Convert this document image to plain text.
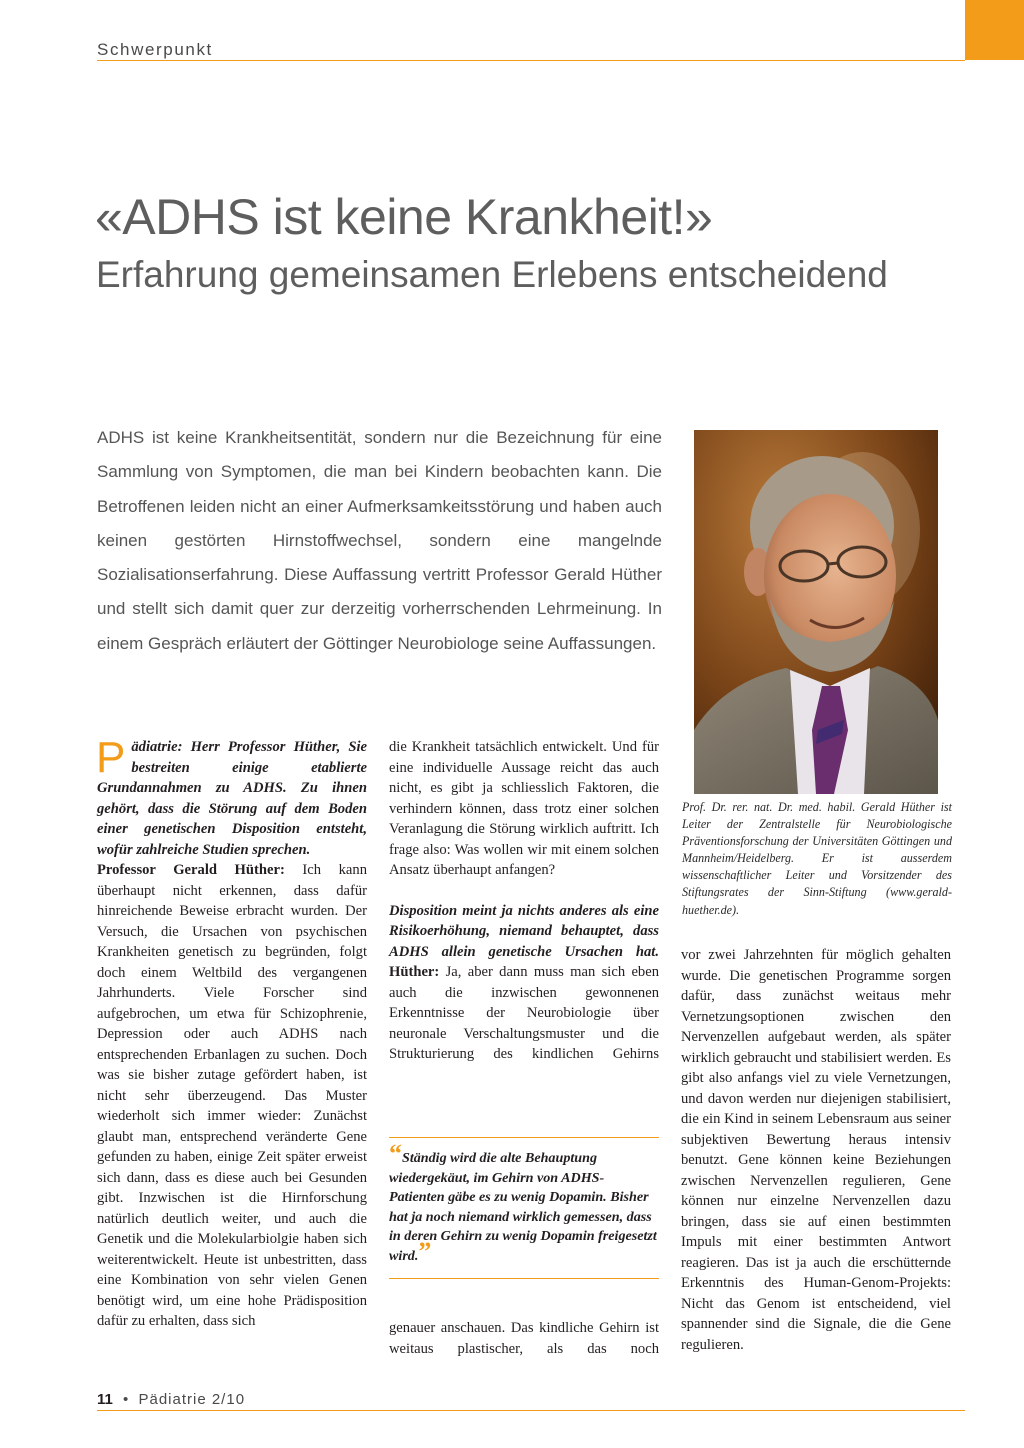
Schwerpunkt
«ADHS ist keine Krankheit!»
Erfahrung gemeinsamen Erlebens entscheidend

ADHS ist keine Krankheitsentität, sondern nur die Bezeichnung für eine Sammlung von Symptomen, die man bei Kindern beobachten kann. Die Betroffenen leiden nicht an einer Aufmerksamkeitsstörung und haben auch keinen gestörten Hirnstoffwechsel, sondern eine mangelnde Sozialisationserfahrung. Diese Auffassung vertritt Professor Gerald Hüther und stellt sich damit quer zur derzeitig vorherrschenden Lehrmeinung. In einem Gespräch erläutert der Göttinger Neurobiologe seine Auffassungen.

Prof. Dr. rer. nat. Dr. med. habil. Gerald Hüther ist Leiter der Zentralstelle für Neurobiologische Präventionsforschung der Universitäten Göttingen und Mannheim/Heidelberg. Er ist ausserdem wissenschaftlicher Leiter und Vorsitzender des Stiftungsrates der Sinn-Stiftung (www.gerald-huether.de).

Pädiatrie: Herr Professor Hüther, Sie bestreiten einige etablierte Grundannahmen zu ADHS. Zu ihnen gehört, dass die Störung auf dem Boden einer genetischen Disposition entsteht, wofür zahlreiche Studien sprechen.
Professor Gerald Hüther: Ich kann überhaupt nicht erkennen, dass dafür hinreichende Beweise erbracht wurden. Der Versuch, die Ursachen von psychischen Krankheiten genetisch zu begründen, folgt doch einem Weltbild des vergangenen Jahrhunderts. Viele Forscher sind aufgebrochen, um etwa für Schizophrenie, Depression oder auch ADHS nach entsprechenden Erbanlagen zu suchen. Doch was sie bisher zutage gefördert haben, ist nicht sehr überzeugend. Das Muster wiederholt sich immer wieder: Zunächst glaubt man, entsprechend veränderte Gene gefunden zu haben, einige Zeit später erweist sich dann, dass es diese auch bei Gesunden gibt. Inzwischen ist die Hirnforschung natürlich deutlich weiter, und auch die Genetik und die Molekularbiolgie haben sich weiterentwickelt. Heute ist unbestritten, dass eine Kombination von sehr vielen Genen benötigt wird, um eine hohe Prädisposition dafür zu erhalten, dass sich

die Krankheit tatsächlich entwickelt. Und für eine individuelle Aussage reicht das auch nicht, es gibt ja schliesslich Faktoren, die verhindern können, dass trotz einer solchen Veranlagung die Störung wirklich auftritt. Ich frage also: Was wollen wir mit einem solchen Ansatz überhaupt anfangen?

Disposition meint ja nichts anderes als eine Risikoerhöhung, niemand behauptet, dass ADHS allein genetische Ursachen hat.
Hüther: Ja, aber dann muss man sich eben auch die inzwischen gewonnenen Erkenntnisse der Neurobiologie über neuronale Verschaltungsmuster und die Strukturierung des kindlichen Gehirns

“Ständig wird die alte Behauptung wiedergekäut, im Gehirn von ADHS-Patienten gäbe es zu wenig Dopamin. Bisher hat ja noch niemand wirklich gemessen, dass in deren Gehirn zu wenig Dopamin freigesetzt wird.”

genauer anschauen. Das kindliche Gehirn ist weitaus plastischer, als das noch

vor zwei Jahrzehnten für möglich gehalten wurde. Die genetischen Programme sorgen dafür, dass zunächst weitaus mehr Vernetzungsoptionen zwischen den Nervenzellen aufgebaut werden, als später wirklich gebraucht und stabilisiert werden. Es gibt also anfangs viel zu viele Vernetzungen, und davon werden nur diejenigen stabilisiert, die ein Kind in seinem Lebensraum aus seiner subjektiven Bewertung heraus intensiv benutzt. Gene können keine Beziehungen zwischen Nervenzellen regulieren, Gene können nur einzelne Nervenzellen dazu bringen, dass sie auf einen bestimmten Impuls mit einer bestimmten Antwort reagieren. Das ist ja auch die erschütternde Erkenntnis des Human-Genom-Projekts: Nicht das Genom ist entscheidend, viel spannender sind die Signale, die die Gene regulieren.

11 • Pädiatrie 2/10
